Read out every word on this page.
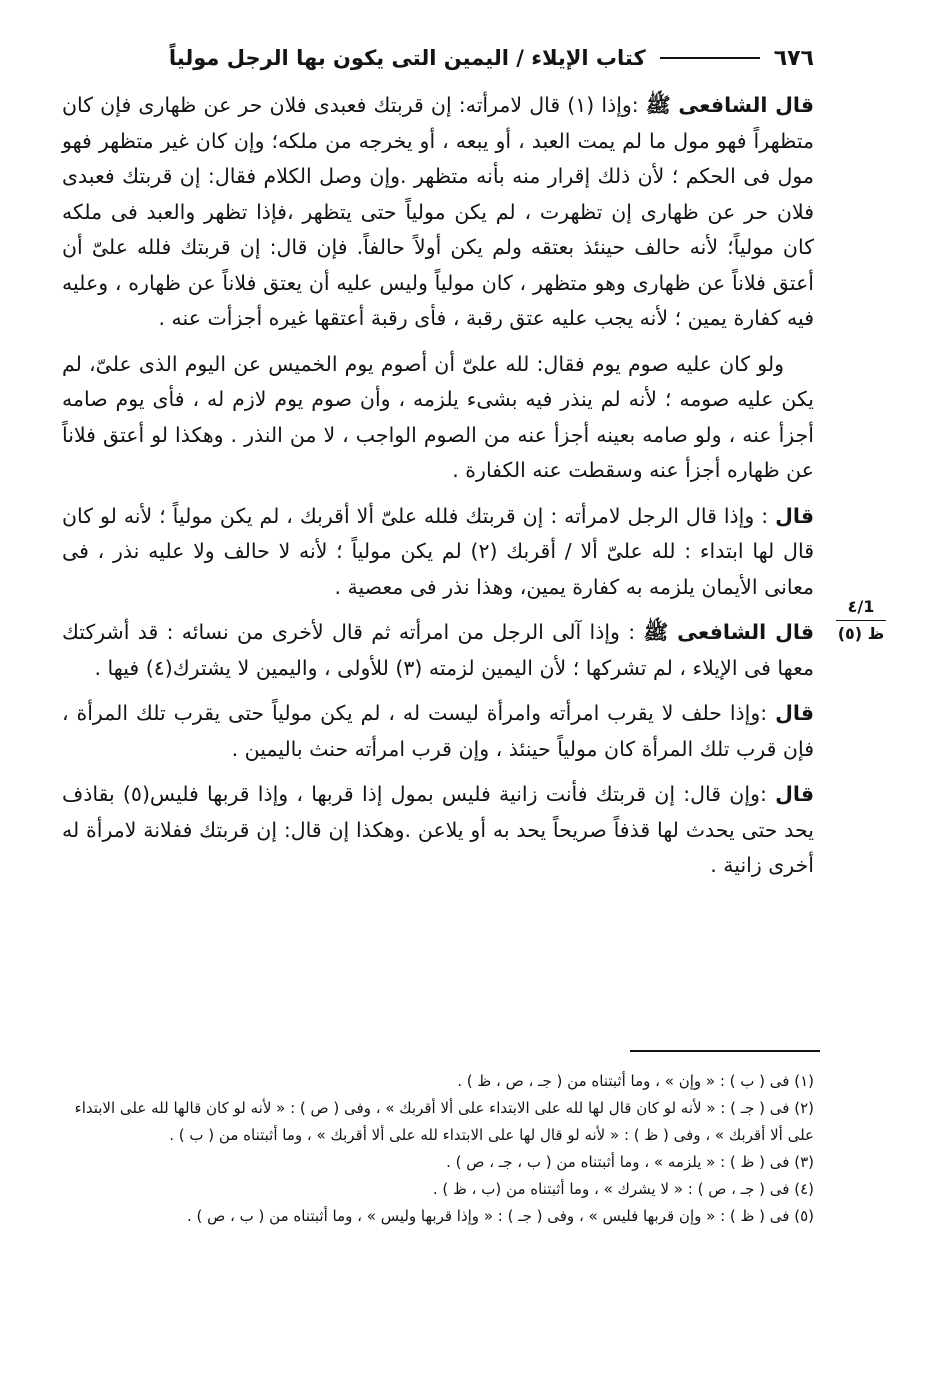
٦٧٦
كتاب الإيلاء / اليمين التى يكون بها الرجل مولياً
1/٤
ظ (٥)

قال الشافعى ﷺ :وإذا (١) قال لامرأته: إن قربتك فعبدى فلان حر عن ظهارى فإن كان متظهراً فهو مول ما لم يمت العبد ، أو يبعه ، أو يخرجه من ملكه؛ وإن كان غير متظهر فهو مول فى الحكم ؛ لأن ذلك إقرار منه بأنه متظهر .وإن وصل الكلام فقال: إن قربتك فعبدى فلان حر عن ظهارى إن تظهرت ، لم يكن مولياً حتى يتظهر ،فإذا تظهر والعبد فى ملكه كان مولياً؛ لأنه حالف حينئذ بعتقه ولم يكن أولاً حالفاً. فإن قال: إن قربتك فلله علىّ أن أعتق فلاناً عن ظهارى وهو متظهر ، كان مولياً وليس عليه أن يعتق فلاناً عن ظهاره ، وعليه فيه كفارة يمين ؛ لأنه يجب عليه عتق رقبة ، فأى رقبة أعتقها غيره أجزأت عنه .

ولو كان عليه صوم يوم فقال: لله علىّ أن أصوم يوم الخميس عن اليوم الذى علىّ، لم يكن عليه صومه ؛ لأنه لم ينذر فيه بشىء يلزمه ، وأن صوم يوم لازم له ، فأى يوم صامه أجزأ عنه ، ولو صامه بعينه أجزأ عنه من الصوم الواجب ، لا من النذر . وهكذا لو أعتق فلاناً عن ظهاره أجزأ عنه وسقطت عنه الكفارة .

قال : وإذا قال الرجل لامرأته : إن قربتك فلله علىّ ألا أقربك ، لم يكن مولياً ؛ لأنه لو كان قال لها ابتداء : لله علىّ ألا / أقربك (٢) لم يكن مولياً ؛ لأنه لا حالف ولا عليه نذر ، فى معانى الأيمان يلزمه به كفارة يمين، وهذا نذر فى معصية .

قال الشافعى ﷺ : وإذا آلى الرجل من امرأته ثم قال لأخرى من نسائه : قد أشركتك معها فى الإيلاء ، لم تشركها ؛ لأن اليمين لزمته (٣) للأولى ، واليمين لا يشترك(٤) فيها .

قال :وإذا حلف لا يقرب امرأته وامرأة ليست له ، لم يكن مولياً حتى يقرب تلك المرأة ، فإن قرب تلك المرأة كان مولياً حينئذ ، وإن قرب امرأته حنث باليمين .

قال :وإن قال: إن قربتك فأنت زانية فليس بمول إذا قربها ، وإذا قربها فليس(٥) بقاذف يحد حتى يحدث لها قذفاً صريحاً يحد به أو يلاعن .وهكذا إن قال: إن قربتك ففلانة لامرأة له أخرى زانية .

(١) فى ( ب ) : « وإن » ، وما أثبتناه من ( جـ ، ص ، ظ ) .

(٢) فى ( جـ ) : « لأنه لو كان قال لها لله على الابتداء على ألا أقربك » ، وفى ( ص ) : « لأنه لو كان قالها لله على الابتداء على ألا أقربك » ، وفى ( ظ ) : « لأنه لو قال لها على الابتداء لله على ألا أقربك » ، وما أثبتناه من ( ب ) .

(٣) فى ( ظ ) : « يلزمه » ، وما أثبتناه من ( ب ، جـ ، ص ) .

(٤) فى ( جـ ، ص ) : « لا يشرك » ، وما أثبتناه من (ب ، ظ ) .

(٥) فى ( ظ ) : « وإن قربها فليس » ، وفى ( جـ ) : « وإذا قربها وليس » ، وما أثبتناه من ( ب ، ص ) .
